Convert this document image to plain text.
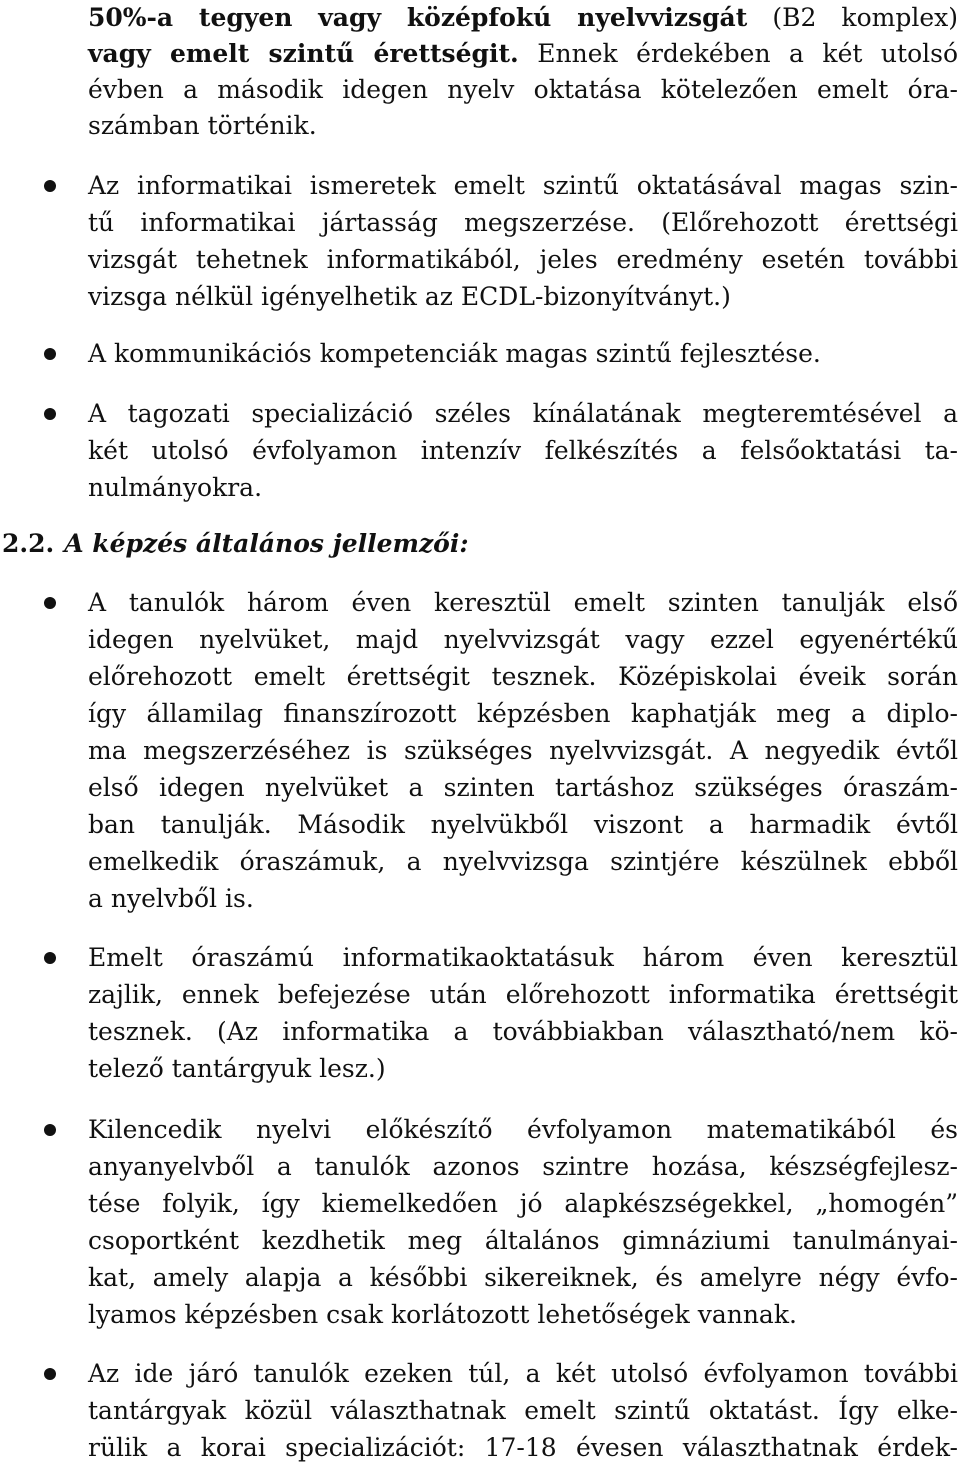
50%-a tegyen vagy középfokú nyelvvizsgát (B2 komplex)
vagy emelt szintű érettségit. Ennek érdekében a két utolsó
évben a második idegen nyelv oktatása kötelezően emelt óra-
számban történik.
Az informatikai ismeretek emelt szintű oktatásával magas szin-
tű informatikai jártasság megszerzése. (Előrehozott érettségi
vizsgát tehetnek informatikából, jeles eredmény esetén további
vizsga nélkül igényelhetik az ECDL-bizonyítványt.)
A kommunikációs kompetenciák magas szintű fejlesztése.
A tagozati specializáció széles kínálatának megteremtésével a
két utolsó évfolyamon intenzív felkészítés a felsőoktatási ta-
nulmányokra.
2.2. A képzés általános jellemzői:
A tanulók három éven keresztül emelt szinten tanulják első
idegen nyelvüket, majd nyelvvizsgát vagy ezzel egyenértékű
előrehozott emelt érettségit tesznek. Középiskolai éveik során
így államilag finanszírozott képzésben kaphatják meg a diplo-
ma megszerzéséhez is szükséges nyelvvizsgát. A negyedik évtől
első idegen nyelvüket a szinten tartáshoz szükséges óraszám-
ban tanulják. Második nyelvükből viszont a harmadik évtől
emelkedik óraszámuk, a nyelvvizsga szintjére készülnek ebből
a nyelvből is.
Emelt óraszámú informatikaoktatásuk három éven keresztül
zajlik, ennek befejezése után előrehozott informatika érettségit
tesznek. (Az informatika a továbbiakban választható/nem kö-
telező tantárgyuk lesz.)
Kilencedik nyelvi előkészítő évfolyamon matematikából és
anyanyelvből a tanulók azonos szintre hozása, készségfejlesz-
tése folyik, így kiemelkedően jó alapkészségekkel, „homogén”
csoportként kezdhetik meg általános gimnáziumi tanulmányai-
kat, amely alapja a későbbi sikereiknek, és amelyre négy évfo-
lyamos képzésben csak korlátozott lehetőségek vannak.
Az ide járó tanulók ezeken túl, a két utolsó évfolyamon további
tantárgyak közül választhatnak emelt szintű oktatást. Így elke-
rülik a korai specializációt: 17-18 évesen választhatnak érdek-
